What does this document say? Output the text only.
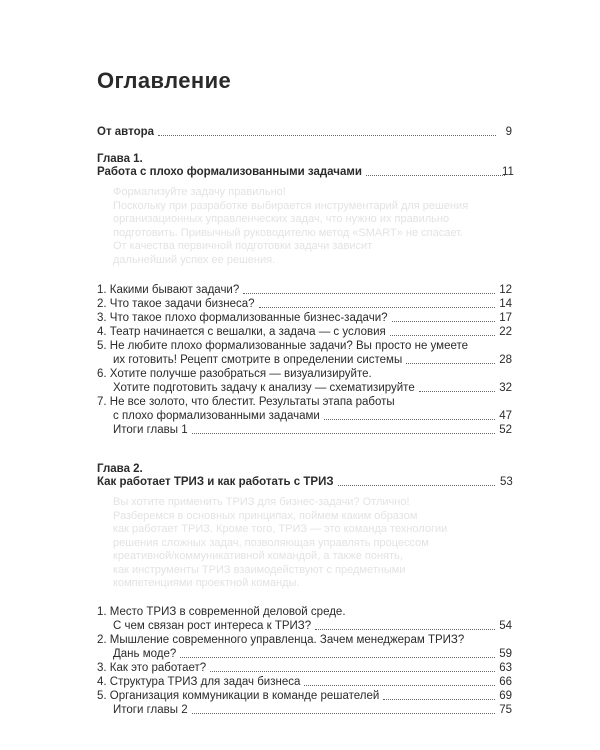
Оглавление
От автора	9
Глава 1.
Работа с плохо формализованными задачами	11
Формализуйте задачу правильно!
Поскольку при разработке выбирается инструментарий для решения
организационных управленческих задач, что нужно их правильно
подготовить. Привычный руководителю метод «SMART» не спасает.
От качества первичной подготовки задачи зависит
дальнейший успех ее решения.
1. Какими бывают задачи?	12
2. Что такое задачи бизнеса?	14
3. Что такое плохо формализованные бизнес-задачи?	17
4. Театр начинается с вешалки, а задача — с условия	22
5. Не любите плохо формализованные задачи? Вы просто не умеете
их готовить! Рецепт смотрите в определении системы	28
6. Хотите получше разобраться — визуализируйте.
Хотите подготовить задачу к анализу — схематизируйте	32
7. Не все золото, что блестит. Результаты этапа работы
с плохо формализованными задачами	47
Итоги главы 1	52
Глава 2.
Как работает ТРИЗ и как работать с ТРИЗ	53
Вы хотите применить ТРИЗ для бизнес-задачи? Отлично!
Разберемся в основных принципах, поймем каким образом
как работает ТРИЗ. Кроме того, ТРИЗ — это команда технологии
решения сложных задач, позволяющая управлять процессом
креативной/коммуникативной командой, а также понять,
как инструменты ТРИЗ взаимодействуют с предметными
компетенциями проектной команды.
1. Место ТРИЗ в современной деловой среде.
С чем связан рост интереса к ТРИЗ?	54
2. Мышление современного управленца. Зачем менеджерам ТРИЗ?
Дань моде?	59
3. Как это работает?	63
4. Структура ТРИЗ для задач бизнеса	66
5. Организация коммуникации в команде решателей	69
Итоги главы 2	75
